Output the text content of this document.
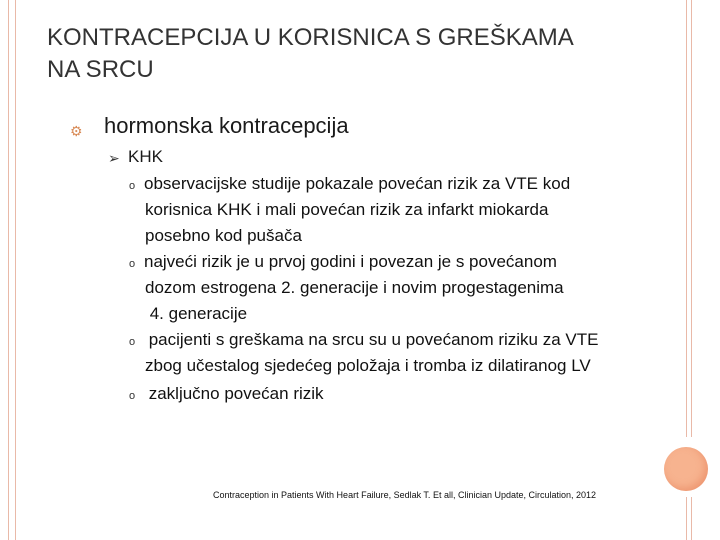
KONTRACEPCIJA U KORISNICA S GREŠKAMA
NA SRCU
⚙ hormonska kontracepcija
➢ KHK
o observacijske studije pokazale povećan rizik za VTE kod
korisnica KHK i mali povećan rizik za infarkt miokarda
posebno kod pušača
o najveći rizik je u prvoj godini i povezan je s povećanom
dozom estrogena 2. generacije i novim progestagenima
4. generacije
o pacijenti s greškama na srcu su u povećanom riziku za VTE
zbog učestalog sjedećeg položaja i tromba iz dilatiranog LV
o zaključno povećan rizik
Contraception in Patients With Heart Failure, Sedlak T. Et all, Clinician Update, Circulation, 2012
